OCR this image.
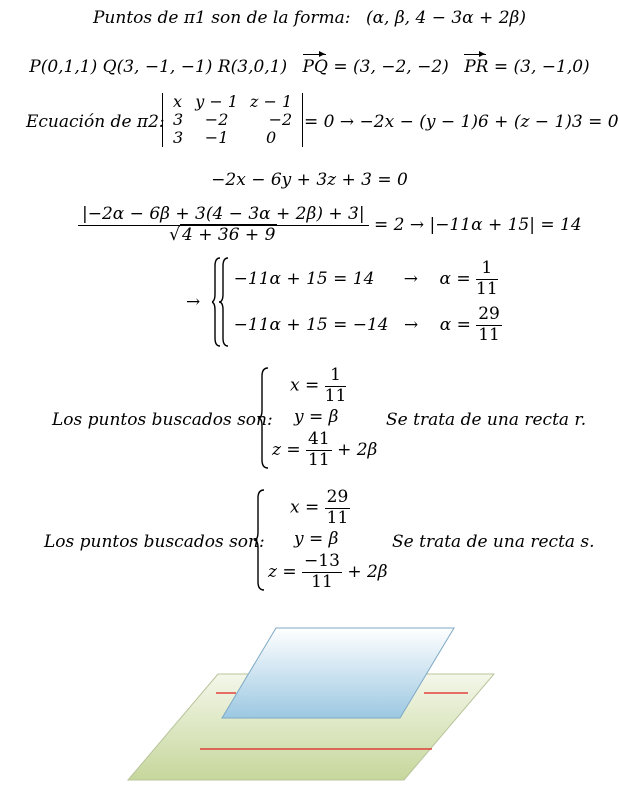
Puntos de π1 son de la forma: (α, β, 4 − 3α + 2β)
P(0,1,1) Q(3, −1, −1) R(3,0,1) PQ = (3, −2, −2) PR = (3, −1,0)
Ecuación de π2:
x	y − 1	z − 1
3	−2	−2
3	−1	0
= 0 → −2x − (y − 1)6 + (z − 1)3 = 0
−2x − 6y + 3z + 3 = 0
$\frac{|-2\alpha - 6\beta + 3(4 - 3\alpha + 2\beta) + 3|}{√ 4 + 36 + 9} = 2 \to |-11\alpha + 15| = 14$
→
$-11\alpha + 15 = 14 \to \alpha = \frac{1}{11}$
$-11\alpha + 15 = -14 \to \alpha = \frac{29}{11}$
Los puntos buscados son:
$x = \frac{1}{11}$
y = β
$z = \frac{41}{11} + 2\beta$
Se trata de una recta r.
Los puntos buscados son:
$x = \frac{29}{11}$
y = β
$z = \frac{-13}{11} + 2\beta$
Se trata de una recta s.
